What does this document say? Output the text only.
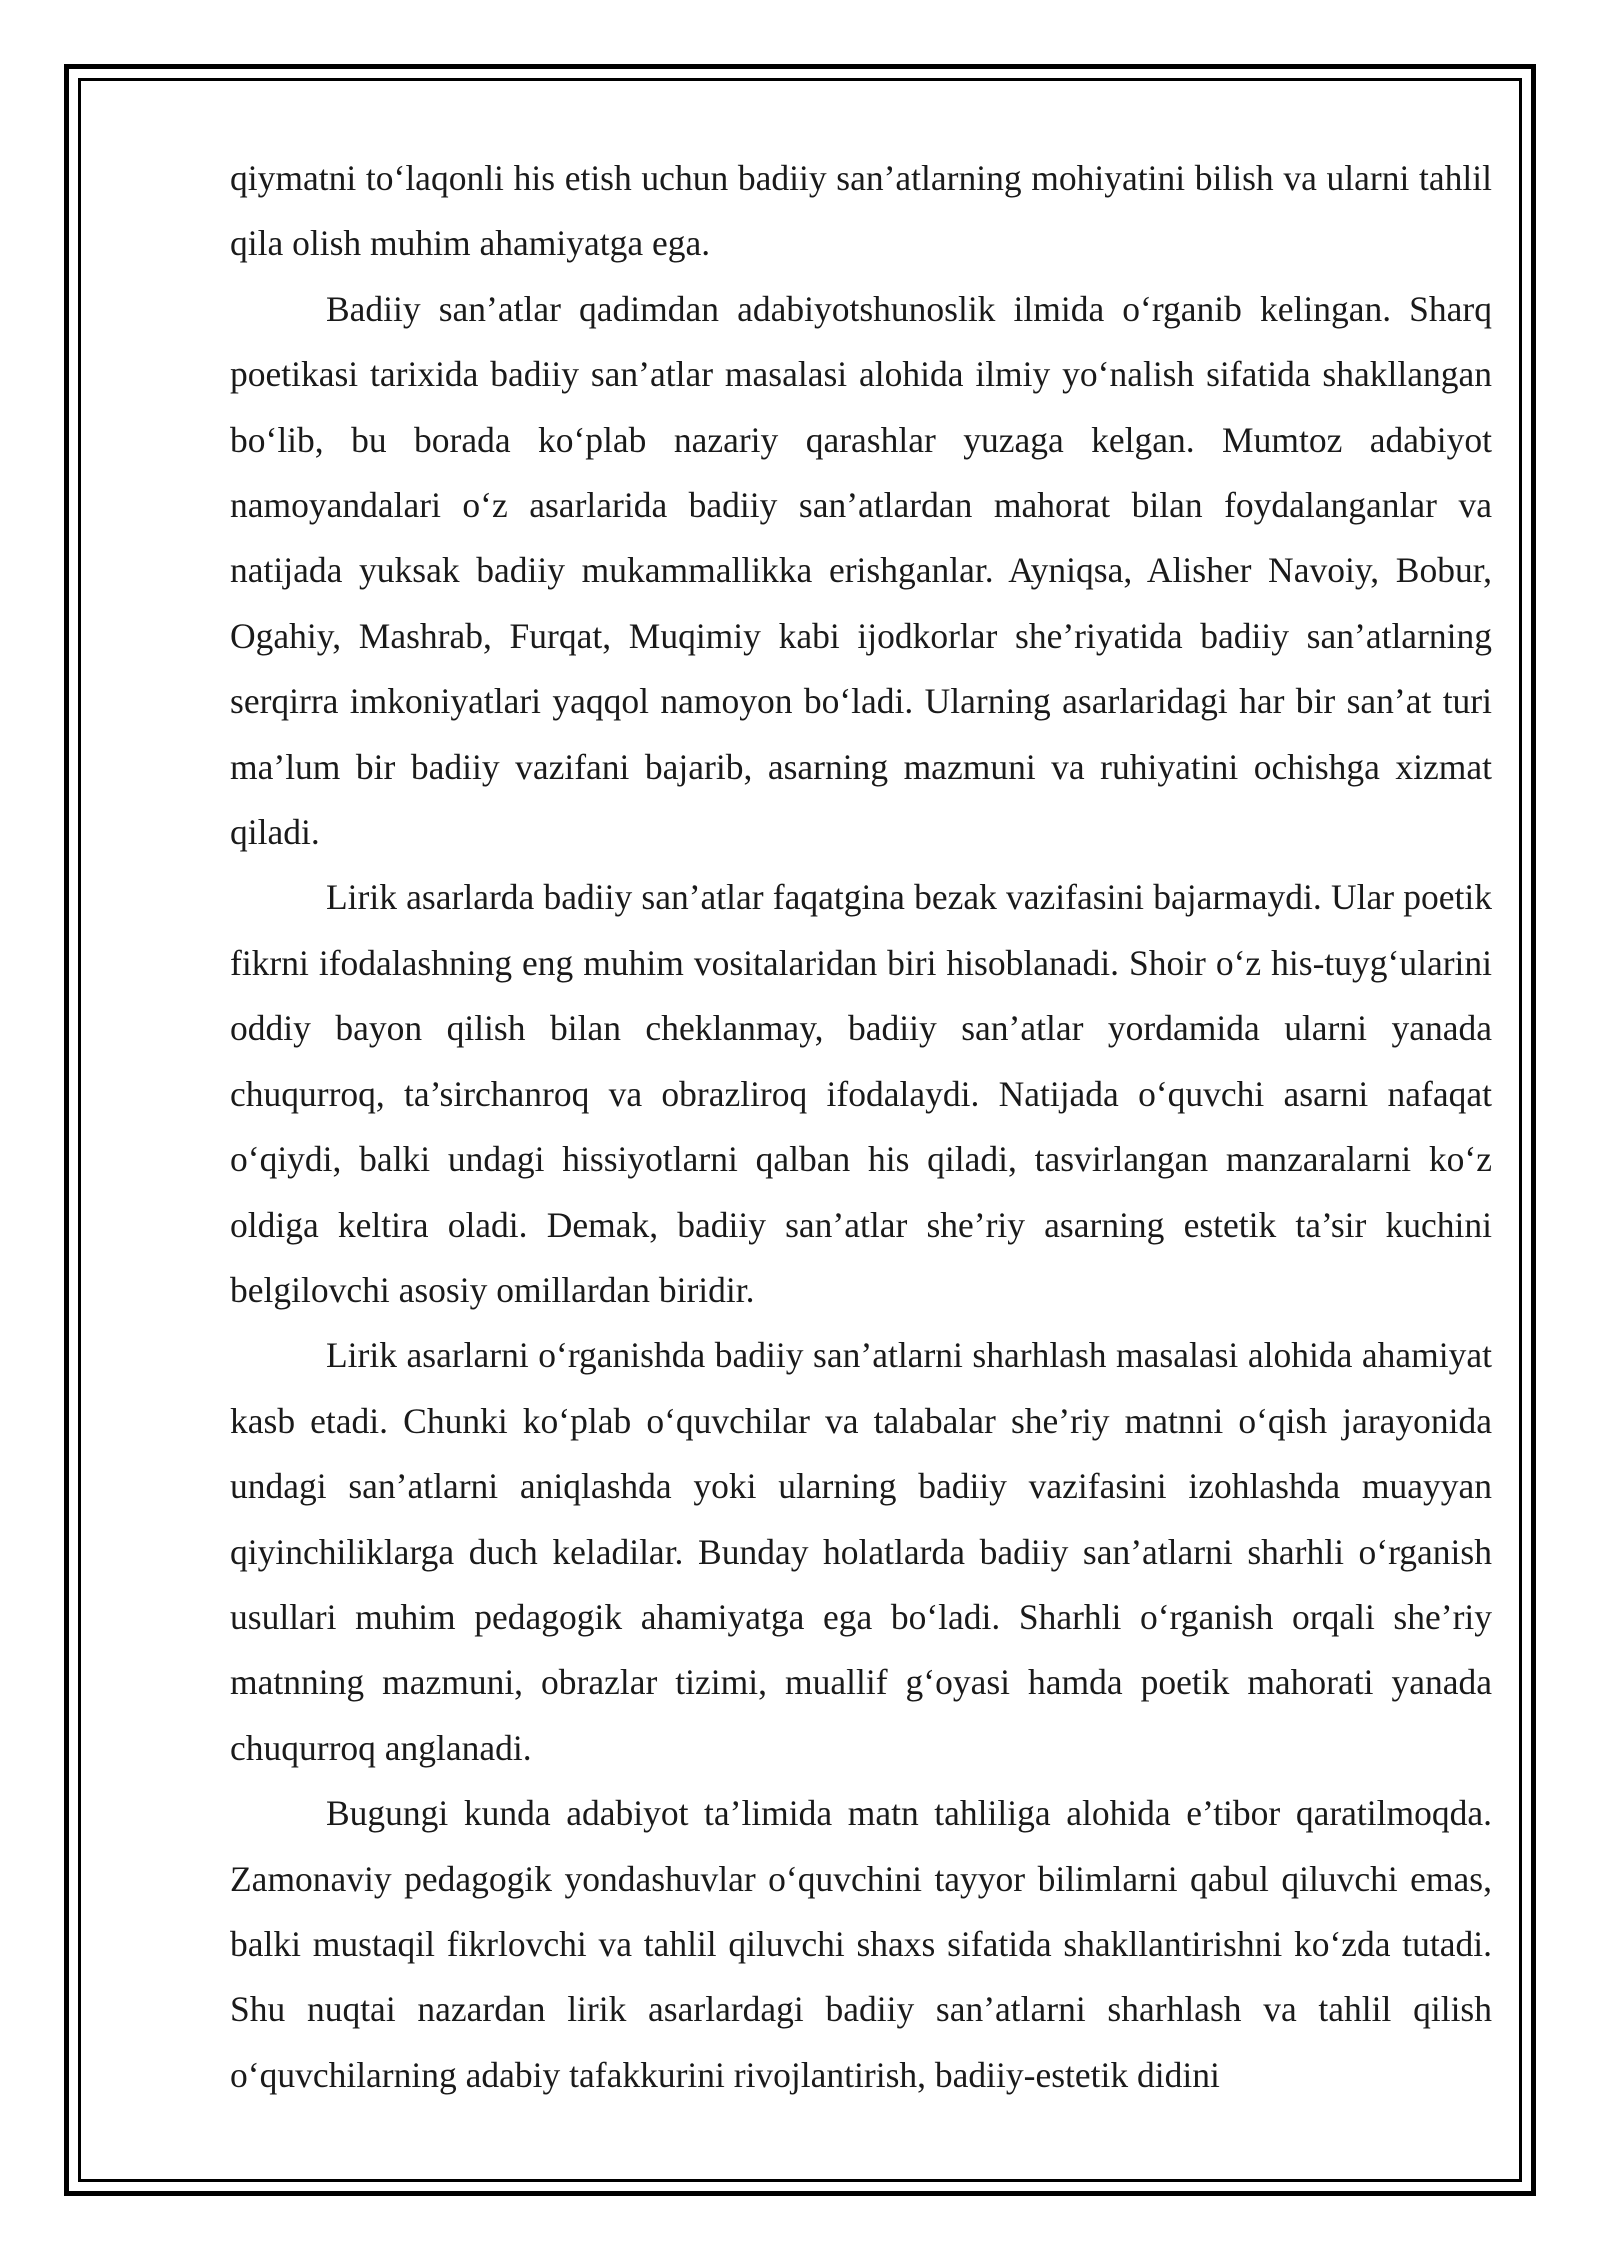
qiymatni to‘laqonli his etish uchun badiiy san’atlarning mohiyatini bilish va ularni tahlil qila olish muhim ahamiyatga ega.

Badiiy san’atlar qadimdan adabiyotshunoslik ilmida o‘rganib kelingan. Sharq poetikasi tarixida badiiy san’atlar masalasi alohida ilmiy yo‘nalish sifatida shakllangan bo‘lib, bu borada ko‘plab nazariy qarashlar yuzaga kelgan. Mumtoz adabiyot namoyandalari o‘z asarlarida badiiy san’atlardan mahorat bilan foydalanganlar va natijada yuksak badiiy mukammallikka erishganlar. Ayniqsa, Alisher Navoiy, Bobur, Ogahiy, Mashrab, Furqat, Muqimiy kabi ijodkorlar she’riyatida badiiy san’atlarning serqirra imkoniyatlari yaqqol namoyon bo‘ladi. Ularning asarlaridagi har bir san’at turi ma’lum bir badiiy vazifani bajarib, asarning mazmuni va ruhiyatini ochishga xizmat qiladi.

Lirik asarlarda badiiy san’atlar faqatgina bezak vazifasini bajarmaydi. Ular poetik fikrni ifodalashning eng muhim vositalaridan biri hisoblanadi. Shoir o‘z his-tuyg‘ularini oddiy bayon qilish bilan cheklanmay, badiiy san’atlar yordamida ularni yanada chuqurroq, ta’sirchanroq va obrazliroq ifodalaydi. Natijada o‘quvchi asarni nafaqat o‘qiydi, balki undagi hissiyotlarni qalban his qiladi, tasvirlangan manzaralarni ko‘z oldiga keltira oladi. Demak, badiiy san’atlar she’riy asarning estetik ta’sir kuchini belgilovchi asosiy omillardan biridir.

Lirik asarlarni o‘rganishda badiiy san’atlarni sharhlash masalasi alohida ahamiyat kasb etadi. Chunki ko‘plab o‘quvchilar va talabalar she’riy matnni o‘qish jarayonida undagi san’atlarni aniqlashda yoki ularning badiiy vazifasini izohlashda muayyan qiyinchiliklarga duch keladilar. Bunday holatlarda badiiy san’atlarni sharhli o‘rganish usullari muhim pedagogik ahamiyatga ega bo‘ladi. Sharhli o‘rganish orqali she’riy matnning mazmuni, obrazlar tizimi, muallif g‘oyasi hamda poetik mahorati yanada chuqurroq anglanadi.

Bugungi kunda adabiyot ta’limida matn tahliliga alohida e’tibor qaratilmoqda. Zamonaviy pedagogik yondashuvlar o‘quvchini tayyor bilimlarni qabul qiluvchi emas, balki mustaqil fikrlovchi va tahlil qiluvchi shaxs sifatida shakllantirishni ko‘zda tutadi. Shu nuqtai nazardan lirik asarlardagi badiiy san’atlarni sharhlash va tahlil qilish o‘quvchilarning adabiy tafakkurini rivojlantirish, badiiy-estetik didini
